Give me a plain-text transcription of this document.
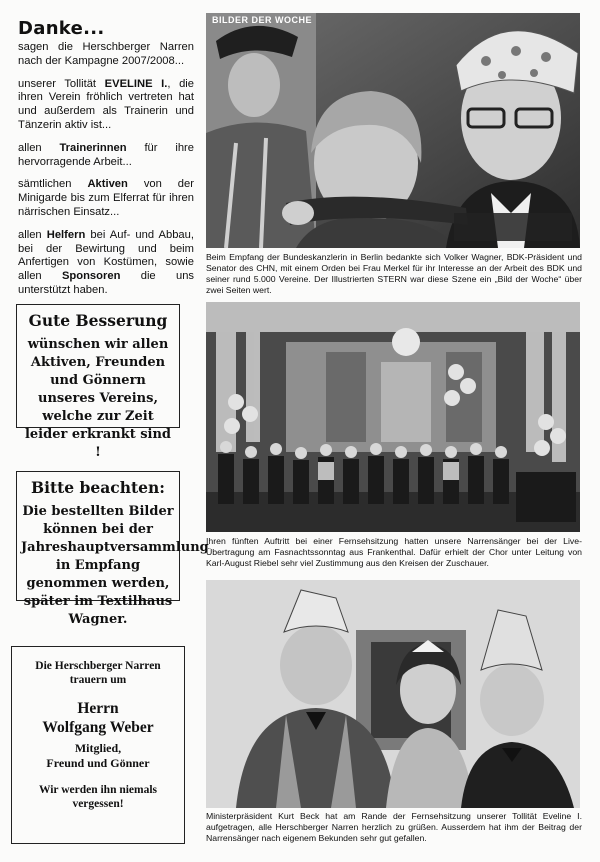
Danke...

sagen die Herschberger Narren nach der Kampagne 2007/2008...

unserer Tollität EVELINE I., die ihren Verein fröhlich vertreten hat und außerdem als Trainerin und Tänzerin aktiv ist...

allen Trainerinnen für ihre hervorragende Arbeit...

sämtlichen Aktiven von der Minigarde bis zum Elferrat für ihren närrischen Einsatz...

allen Helfern bei Auf- und Abbau, bei der Bewirtung und beim Anfertigen von Kostümen, sowie allen Sponsoren die uns unterstützt haben.

Gute Besserung

wünschen wir allen Aktiven, Freunden und Gönnern unseres Vereins, welche zur Zeit leider erkrankt sind !

Bitte beachten:

Die bestellten Bilder können bei der Jahreshauptversammlung in Empfang genommen werden, später im Textilhaus Wagner.

Die Herschberger Narren

trauern um

Herrn
Wolfgang Weber

Mitglied,

Freund und Gönner

Wir werden ihn niemals
vergessen!

BILDER DER WOCHE
Beim Empfang der Bundeskanzlerin in Berlin bedankte sich Volker Wagner, BDK-Präsident und Senator des CHN, mit einem Orden bei Frau Merkel für ihr Interesse an der Arbeit des BDK und seiner rund 5.000 Vereine. Der Illustrierten STERN war diese Szene ein „Bild der Woche“ über zwei Seiten wert.
Ihren fünften Auftritt bei einer Fernsehsitzung hatten unsere Narrensänger bei der Live-Übertragung am Fasnachtssonntag aus Frankenthal. Dafür erhielt der Chor unter Leitung von Karl-August Riebel sehr viel Zustimmung aus den Kreisen der Zuschauer.
Ministerpräsident Kurt Beck hat am Rande der Fernsehsitzung unserer Tollität Eveline I. aufgetragen, alle Herschberger Narren herzlich zu grüßen. Ausserdem hat ihm der Beitrag der Narrensänger nach eigenem Bekunden sehr gut gefallen.
